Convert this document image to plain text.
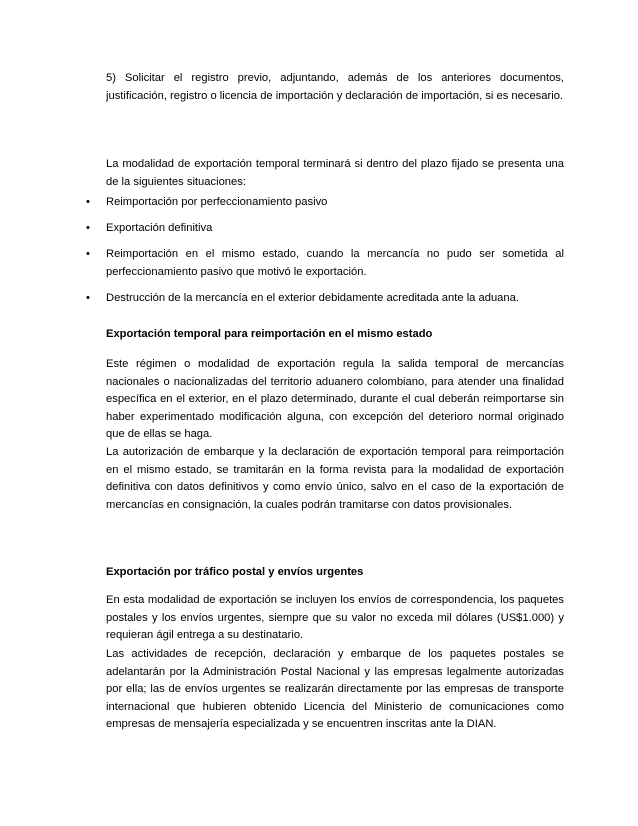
5) Solicitar el registro previo, adjuntando, además de los anteriores documentos, justificación, registro o licencia de importación y declaración de importación, si es necesario.

La modalidad de exportación temporal terminará si dentro del plazo fijado se presenta una de la siguientes situaciones:

• Reimportación por perfeccionamiento pasivo
• Exportación definitiva
• Reimportación en el mismo estado, cuando la mercancía no pudo ser sometida al perfeccionamiento pasivo que motivó le exportación.
• Destrucción de la mercancía en el exterior debidamente acreditada ante la aduana.
Exportación temporal para reimportación en el mismo estado

Este régimen o modalidad de exportación regula la salida temporal de mercancías nacionales o nacionalizadas del territorio aduanero colombiano, para atender una finalidad específica en el exterior, en el plazo determinado, durante el cual deberán reimportarse sin haber experimentado modificación alguna, con excepción del deterioro normal originado que de ellas se haga.

La autorización de embarque y la declaración de exportación temporal para reimportación en el mismo estado, se tramitarán en la forma revista para la modalidad de exportación definitiva con datos definitivos y como envío único, salvo en el caso de la exportación de mercancías en consignación, la cuales podrán tramitarse con datos provisionales.

Exportación por tráfico postal y envíos urgentes

En esta modalidad de exportación se incluyen los envíos de correspondencia, los paquetes postales y los envíos urgentes, siempre que su valor no exceda mil dólares (US$1.000) y requieran ágil entrega a su destinatario.

Las actividades de recepción, declaración y embarque de los paquetes postales se adelantarán por la Administración Postal Nacional y las empresas legalmente autorizadas por ella; las de envíos urgentes se realizarán directamente por las empresas de transporte internacional que hubieren obtenido Licencia del Ministerio de comunicaciones como empresas de mensajería especializada y se encuentren inscritas ante la DIAN.
